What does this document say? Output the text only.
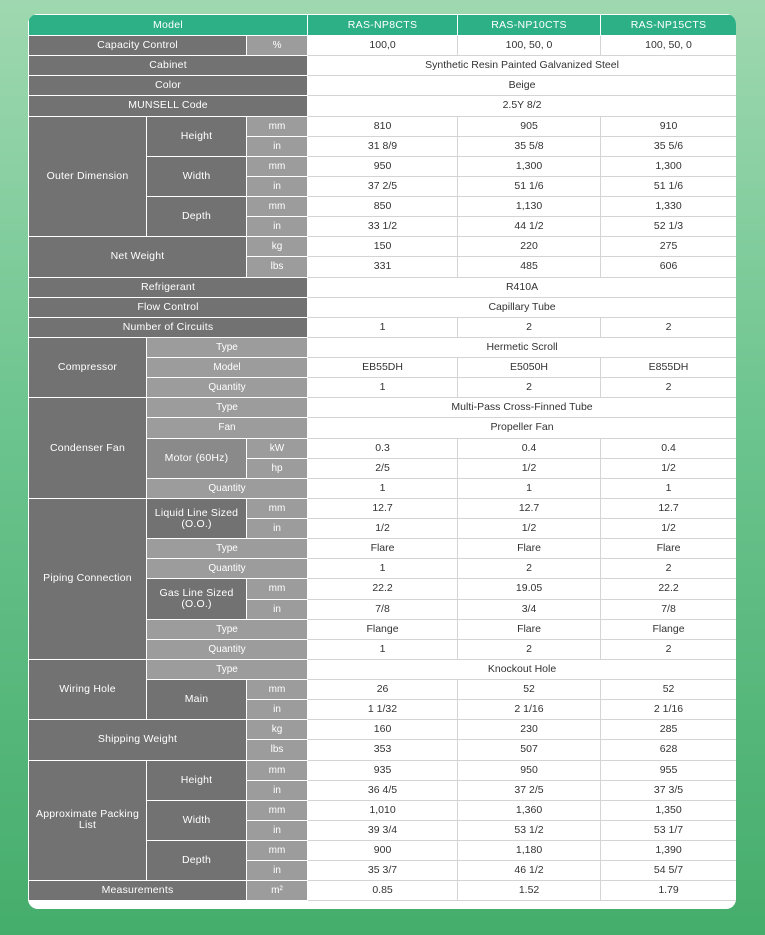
Model			RAS-NP8CTS	RAS-NP10CTS	RAS-NP15CTS
Capacity Control		%	100,0	100, 50, 0	100, 50, 0
Cabinet			Synthetic Resin Painted Galvanized Steel		
Color			Beige		
MUNSELL Code			2.5Y 8/2		
Outer Dimension	Height	mm	810	905	910
		in	31 8/9	35 5/8	35 5/6
	Width	mm	950	1,300	1,300
		in	37 2/5	51 1/6	51 1/6
	Depth	mm	850	1,130	1,330
		in	33 1/2	44 1/2	52 1/3
Net Weight		kg	150	220	275
		lbs	331	485	606
Refrigerant			R410A		
Flow Control			Capillary Tube		
Number of Circuits			1	2	2
Compressor	Type		Hermetic Scroll		
	Model		EB55DH	E5050H	E855DH
	Quantity		1	2	2
Condenser Fan	Type		Multi-Pass Cross-Finned Tube		
	Fan		Propeller Fan		
	Motor (60Hz)	kW	0.3	0.4	0.4
		hp	2/5	1/2	1/2
	Quantity		1	1	1
Piping Connection	Liquid Line Sized (O.O.)	mm	12.7	12.7	12.7
		in	1/2	1/2	1/2
	Type		Flare	Flare	Flare
	Quantity		1	2	2
	Gas Line Sized (O.O.)	mm	22.2	19.05	22.2
		in	7/8	3/4	7/8
	Type		Flange	Flare	Flange
	Quantity		1	2	2
Wiring Hole	Type		Knockout Hole		
	Main	mm	26	52	52
		in	1 1/32	2 1/16	2 1/16
Shipping Weight		kg	160	230	285
		lbs	353	507	628
Approximate Packing List	Height	mm	935	950	955
		in	36 4/5	37 2/5	37 3/5
	Width	mm	1,010	1,360	1,350
		in	39 3/4	53 1/2	53 1/7
	Depth	mm	900	1,180	1,390
		in	35 3/7	46 1/2	54 5/7
Measurements		m²	0.85	1.52	1.79
